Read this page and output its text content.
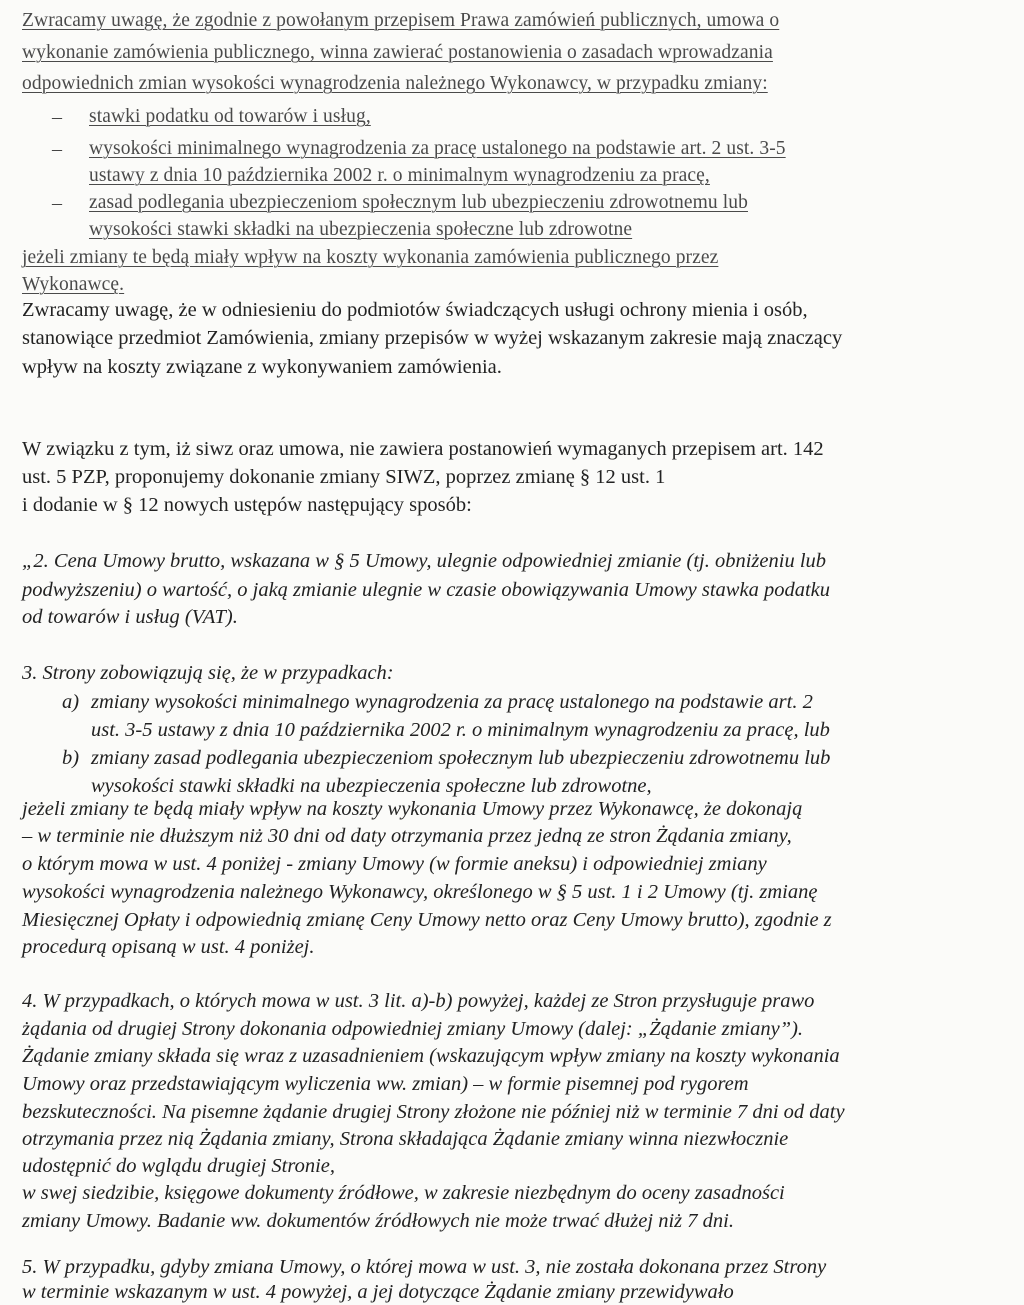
Zwracamy uwagę, że zgodnie z powołanym przepisem Prawa zamówień publicznych, umowa o
wykonanie zamówienia publicznego, winna zawierać postanowienia o zasadach wprowadzania
odpowiednich zmian wysokości wynagrodzenia należnego Wykonawcy, w przypadku zmiany:
– stawki podatku od towarów i usług,
– wysokości minimalnego wynagrodzenia za pracę ustalonego na podstawie art. 2 ust. 3-5
ustawy z dnia 10 października 2002 r. o minimalnym wynagrodzeniu za pracę,
– zasad podlegania ubezpieczeniom społecznym lub ubezpieczeniu zdrowotnemu lub
wysokości stawki składki na ubezpieczenia społeczne lub zdrowotne
jeżeli zmiany te będą miały wpływ na koszty wykonania zamówienia publicznego przez
Wykonawcę.
Zwracamy uwagę, że w odniesieniu do podmiotów świadczących usługi ochrony mienia i osób,
stanowiące przedmiot Zamówienia, zmiany przepisów w wyżej wskazanym zakresie mają znaczący
wpływ na koszty związane z wykonywaniem zamówienia.
W związku z tym, iż siwz oraz umowa, nie zawiera postanowień wymaganych przepisem art. 142
ust. 5 PZP, proponujemy dokonanie zmiany SIWZ, poprzez zmianę § 12 ust. 1
i dodanie w § 12 nowych ustępów następujący sposób:
„2. Cena Umowy brutto, wskazana w § 5 Umowy, ulegnie odpowiedniej zmianie (tj. obniżeniu lub
podwyższeniu) o wartość, o jaką zmianie ulegnie w czasie obowiązywania Umowy stawka podatku
od towarów i usług (VAT).
3. Strony zobowiązują się, że w przypadkach:
a) zmiany wysokości minimalnego wynagrodzenia za pracę ustalonego na podstawie art. 2
ust. 3-5 ustawy z dnia 10 października 2002 r. o minimalnym wynagrodzeniu za pracę, lub
b) zmiany zasad podlegania ubezpieczeniom społecznym lub ubezpieczeniu zdrowotnemu lub
wysokości stawki składki na ubezpieczenia społeczne lub zdrowotne,
jeżeli zmiany te będą miały wpływ na koszty wykonania Umowy przez Wykonawcę, że dokonają
– w terminie nie dłuższym niż 30 dni od daty otrzymania przez jedną ze stron Żądania zmiany,
o którym mowa w ust. 4 poniżej - zmiany Umowy (w formie aneksu) i odpowiedniej zmiany
wysokości wynagrodzenia należnego Wykonawcy, określonego w § 5 ust. 1 i 2 Umowy (tj. zmianę
Miesięcznej Opłaty i odpowiednią zmianę Ceny Umowy netto oraz Ceny Umowy brutto), zgodnie z
procedurą opisaną w ust. 4 poniżej.
4. W przypadkach, o których mowa w ust. 3 lit. a)-b) powyżej, każdej ze Stron przysługuje prawo
żądania od drugiej Strony dokonania odpowiedniej zmiany Umowy (dalej: „Żądanie zmiany”).
Żądanie zmiany składa się wraz z uzasadnieniem (wskazującym wpływ zmiany na koszty wykonania
Umowy oraz przedstawiającym wyliczenia ww. zmian) – w formie pisemnej pod rygorem
bezskuteczności. Na pisemne żądanie drugiej Strony złożone nie później niż w terminie 7 dni od daty
otrzymania przez nią Żądania zmiany, Strona składająca Żądanie zmiany winna niezwłocznie
udostępnić do wglądu drugiej Stronie,
w swej siedzibie, księgowe dokumenty źródłowe, w zakresie niezbędnym do oceny zasadności
zmiany Umowy. Badanie ww. dokumentów źródłowych nie może trwać dłużej niż 7 dni.
5. W przypadku, gdyby zmiana Umowy, o której mowa w ust. 3, nie została dokonana przez Strony
w terminie wskazanym w ust. 4 powyżej, a jej dotyczące Żądanie zmiany przewidywało
